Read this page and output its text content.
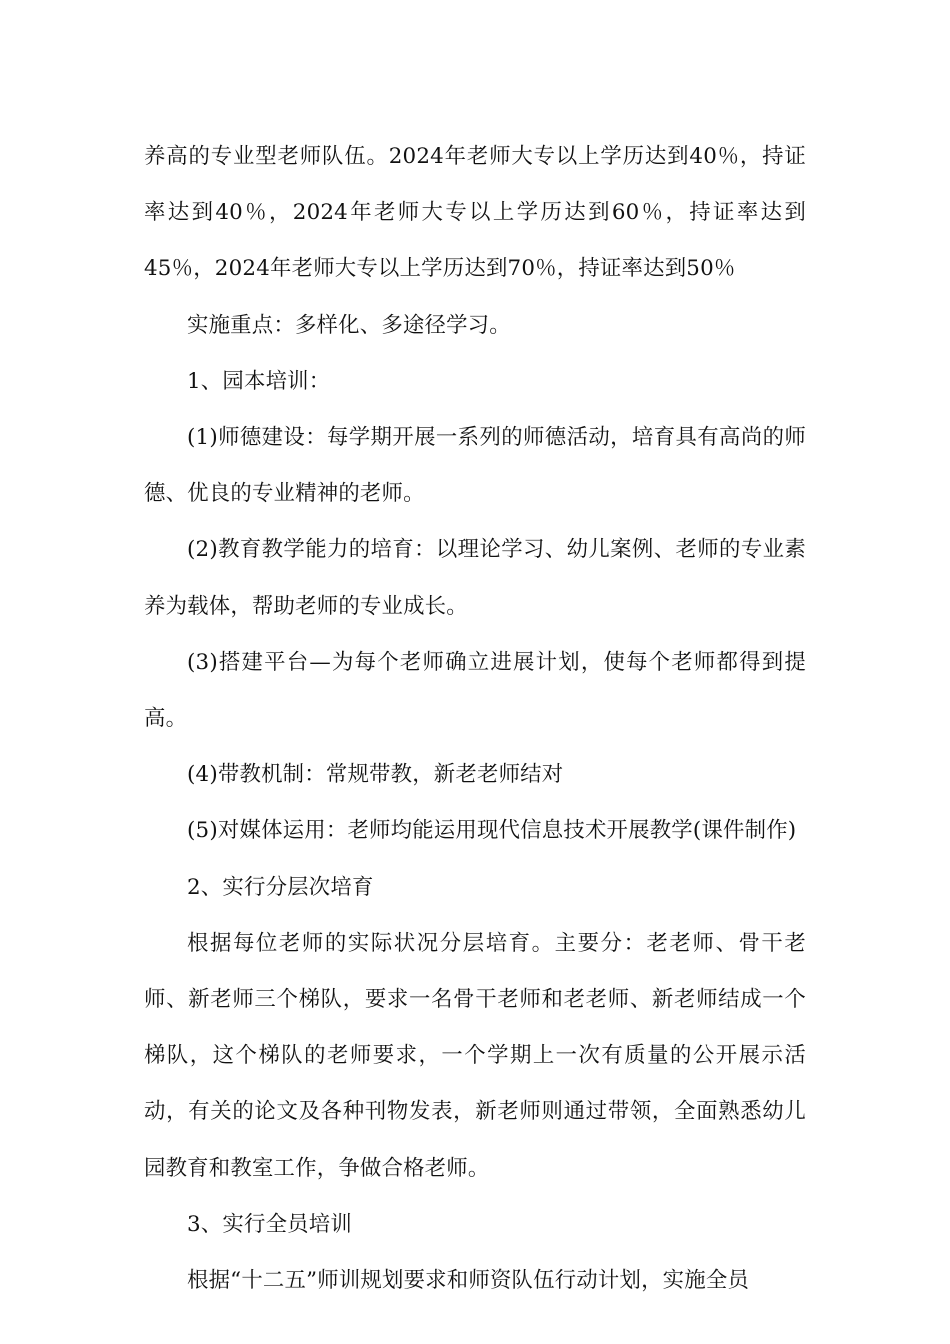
养高的专业型老师队伍。2024年老师大专以上学历达到40％，持证率达到40％，2024年老师大专以上学历达到60％，持证率达到45％，2024年老师大专以上学历达到70％，持证率达到50％

实施重点：多样化、多途径学习。

1、园本培训：

(1)师德建设：每学期开展一系列的师德活动，培育具有高尚的师德、优良的专业精神的老师。

(2)教育教学能力的培育：以理论学习、幼儿案例、老师的专业素养为载体，帮助老师的专业成长。

(3)搭建平台—为每个老师确立进展计划，使每个老师都得到提高。

(4)带教机制：常规带教，新老老师结对

(5)对媒体运用：老师均能运用现代信息技术开展教学(课件制作)

2、实行分层次培育

根据每位老师的实际状况分层培育。主要分：老老师、骨干老师、新老师三个梯队，要求一名骨干老师和老老师、新老师结成一个梯队，这个梯队的老师要求，一个学期上一次有质量的公开展示活动，有关的论文及各种刊物发表，新老师则通过带领，全面熟悉幼儿园教育和教室工作，争做合格老师。

3、实行全员培训

根据“十二五”师训规划要求和师资队伍行动计划，实施全员
